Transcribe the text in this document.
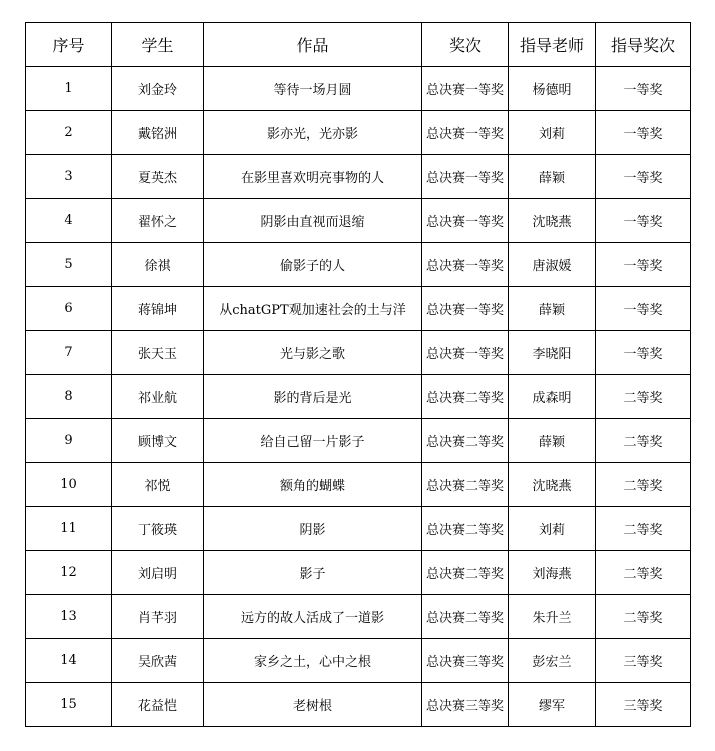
序号	学生	作品	奖次	指导老师	指导奖次
1	刘金玲	等待一场月圆	总决赛一等奖	杨德明	一等奖
2	戴铭洲	影亦光，光亦影	总决赛一等奖	刘莉	一等奖
3	夏英杰	在影里喜欢明亮事物的人	总决赛一等奖	薛颖	一等奖
4	翟怀之	阴影由直视而退缩	总决赛一等奖	沈晓燕	一等奖
5	徐祺	偷影子的人	总决赛一等奖	唐淑媛	一等奖
6	蒋锦坤	从chatGPT观加速社会的土与洋	总决赛一等奖	薛颖	一等奖
7	张天玉	光与影之歌	总决赛一等奖	李晓阳	一等奖
8	祁业航	影的背后是光	总决赛二等奖	成森明	二等奖
9	顾博文	给自己留一片影子	总决赛二等奖	薛颖	二等奖
10	祁悦	额角的蝴蝶	总决赛二等奖	沈晓燕	二等奖
11	丁筱瑛	阴影	总决赛二等奖	刘莉	二等奖
12	刘启明	影子	总决赛二等奖	刘海燕	二等奖
13	肖芊羽	远方的故人活成了一道影	总决赛二等奖	朱升兰	二等奖
14	吴欣茜	家乡之土，心中之根	总决赛三等奖	彭宏兰	三等奖
15	花益恺	老树根	总决赛三等奖	缪军	三等奖
